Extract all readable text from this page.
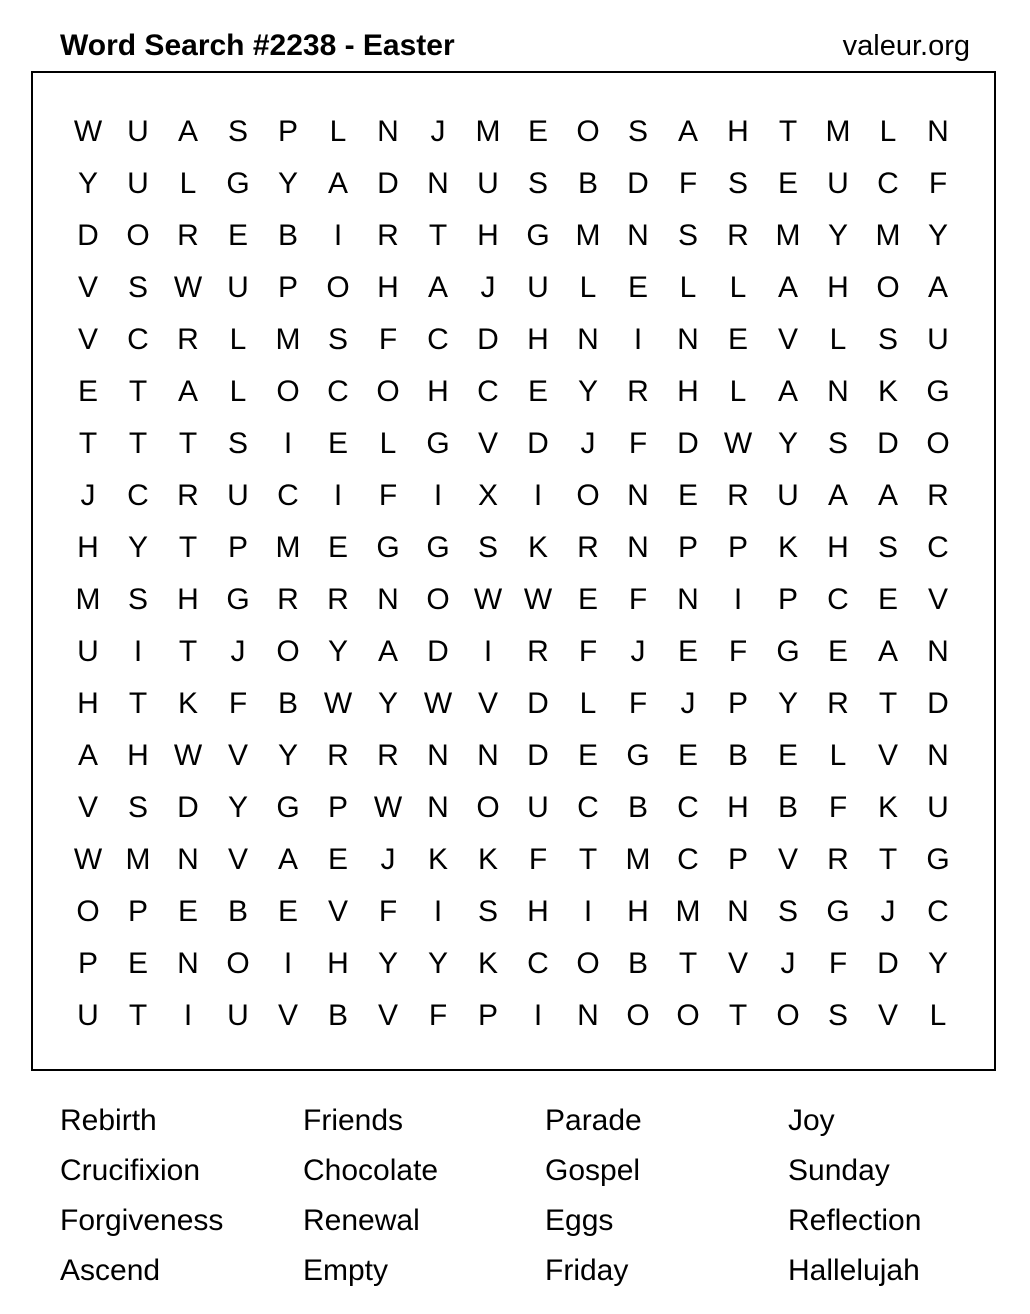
Word Search #2238 - Easter	valeur.org
W U A S P L N J M E O S A H T M L N
Y U L G Y A D N U S B D F S E U C F
D O R E B I R T H G M N S R M Y M Y
V S W U P O H A J U L E L L A H O A
V C R L M S F C D H N I N E V L S U
E T A L O C O H C E Y R H L A N K G
T T T S I E L G V D J F D W Y S D O
J C R U C I F I X I O N E R U A A R
H Y T P M E G G S K R N P P K H S C
M S H G R R N O W W E F N I P C E V
U I T J O Y A D I R F J E F G E A N
H T K F B W Y W V D L F J P Y R T D
A H W V Y R R N N D E G E B E L V N
V S D Y G P W N O U C B C H B F K U
W M N V A E J K K F T M C P V R T G
O P E B E V F I S H I H M N S G J C
P E N O I H Y Y K C O B T V J F D Y
U T I U V B V F P I N O O T O S V L
Rebirth
Crucifixion
Forgiveness
Ascend
Friends
Chocolate
Renewal
Empty
Parade
Gospel
Eggs
Friday
Joy
Sunday
Reflection
Hallelujah
